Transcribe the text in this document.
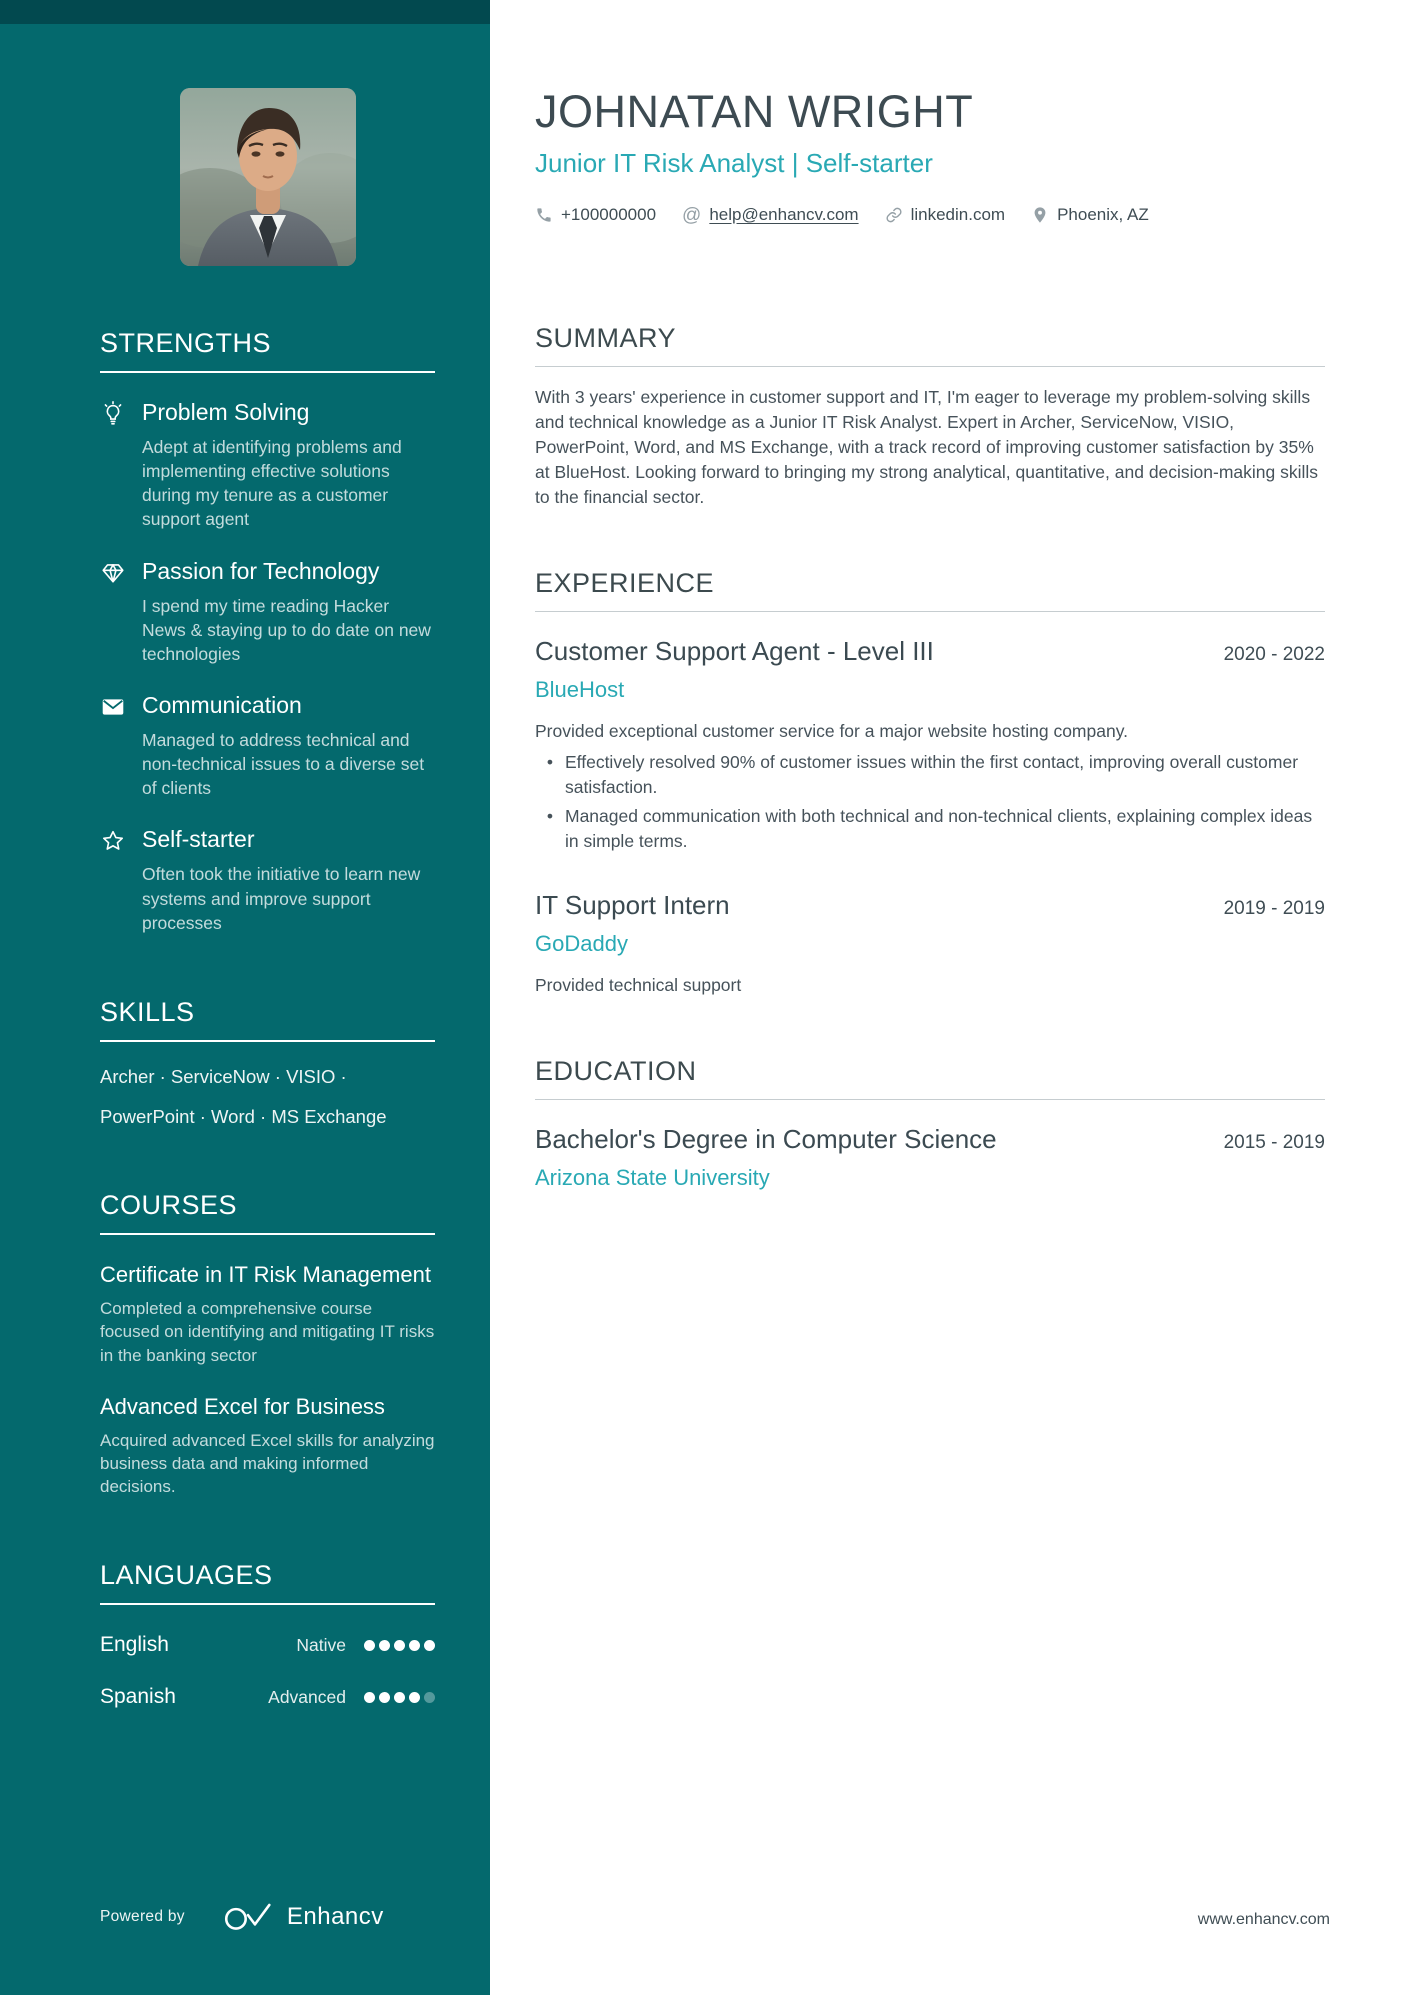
STRENGTHS
Problem Solving
Adept at identifying problems and implementing effective solutions during my tenure as a customer support agent
Passion for Technology
I spend my time reading Hacker News & staying up to do date on new technologies
Communication
Managed to address technical and non-technical issues to a diverse set of clients
Self-starter
Often took the initiative to learn new systems and improve support processes
SKILLS
Archer · ServiceNow · VISIO ·
PowerPoint · Word · MS Exchange
COURSES
Certificate in IT Risk Management
Completed a comprehensive course focused on identifying and mitigating IT risks in the banking sector
Advanced Excel for Business
Acquired advanced Excel skills for analyzing business data and making informed decisions.
LANGUAGES
English	Native
Spanish	Advanced
JOHNATAN WRIGHT
Junior IT Risk Analyst | Self-starter
+100000000 @ help@enhancv.com	linkedin.com	Phoenix, AZ
SUMMARY

With 3 years' experience in customer support and IT, I'm eager to leverage my problem-solving skills and technical knowledge as a Junior IT Risk Analyst. Expert in Archer, ServiceNow, VISIO, PowerPoint, Word, and MS Exchange, with a track record of improving customer satisfaction by 35% at BlueHost. Looking forward to bringing my strong analytical, quantitative, and decision-making skills to the financial sector.

EXPERIENCE
Customer Support Agent - Level III	2020 - 2022
BlueHost
Provided exceptional customer service for a major website hosting company.
• Effectively resolved 90% of customer issues within the first contact, improving overall customer satisfaction.
• Managed communication with both technical and non-technical clients, explaining complex ideas in simple terms.
IT Support Intern	2019 - 2019
GoDaddy
Provided technical support
EDUCATION
Bachelor's Degree in Computer Science	2015 - 2019
Arizona State University
Powered by	Enhancv	www.enhancv.com
